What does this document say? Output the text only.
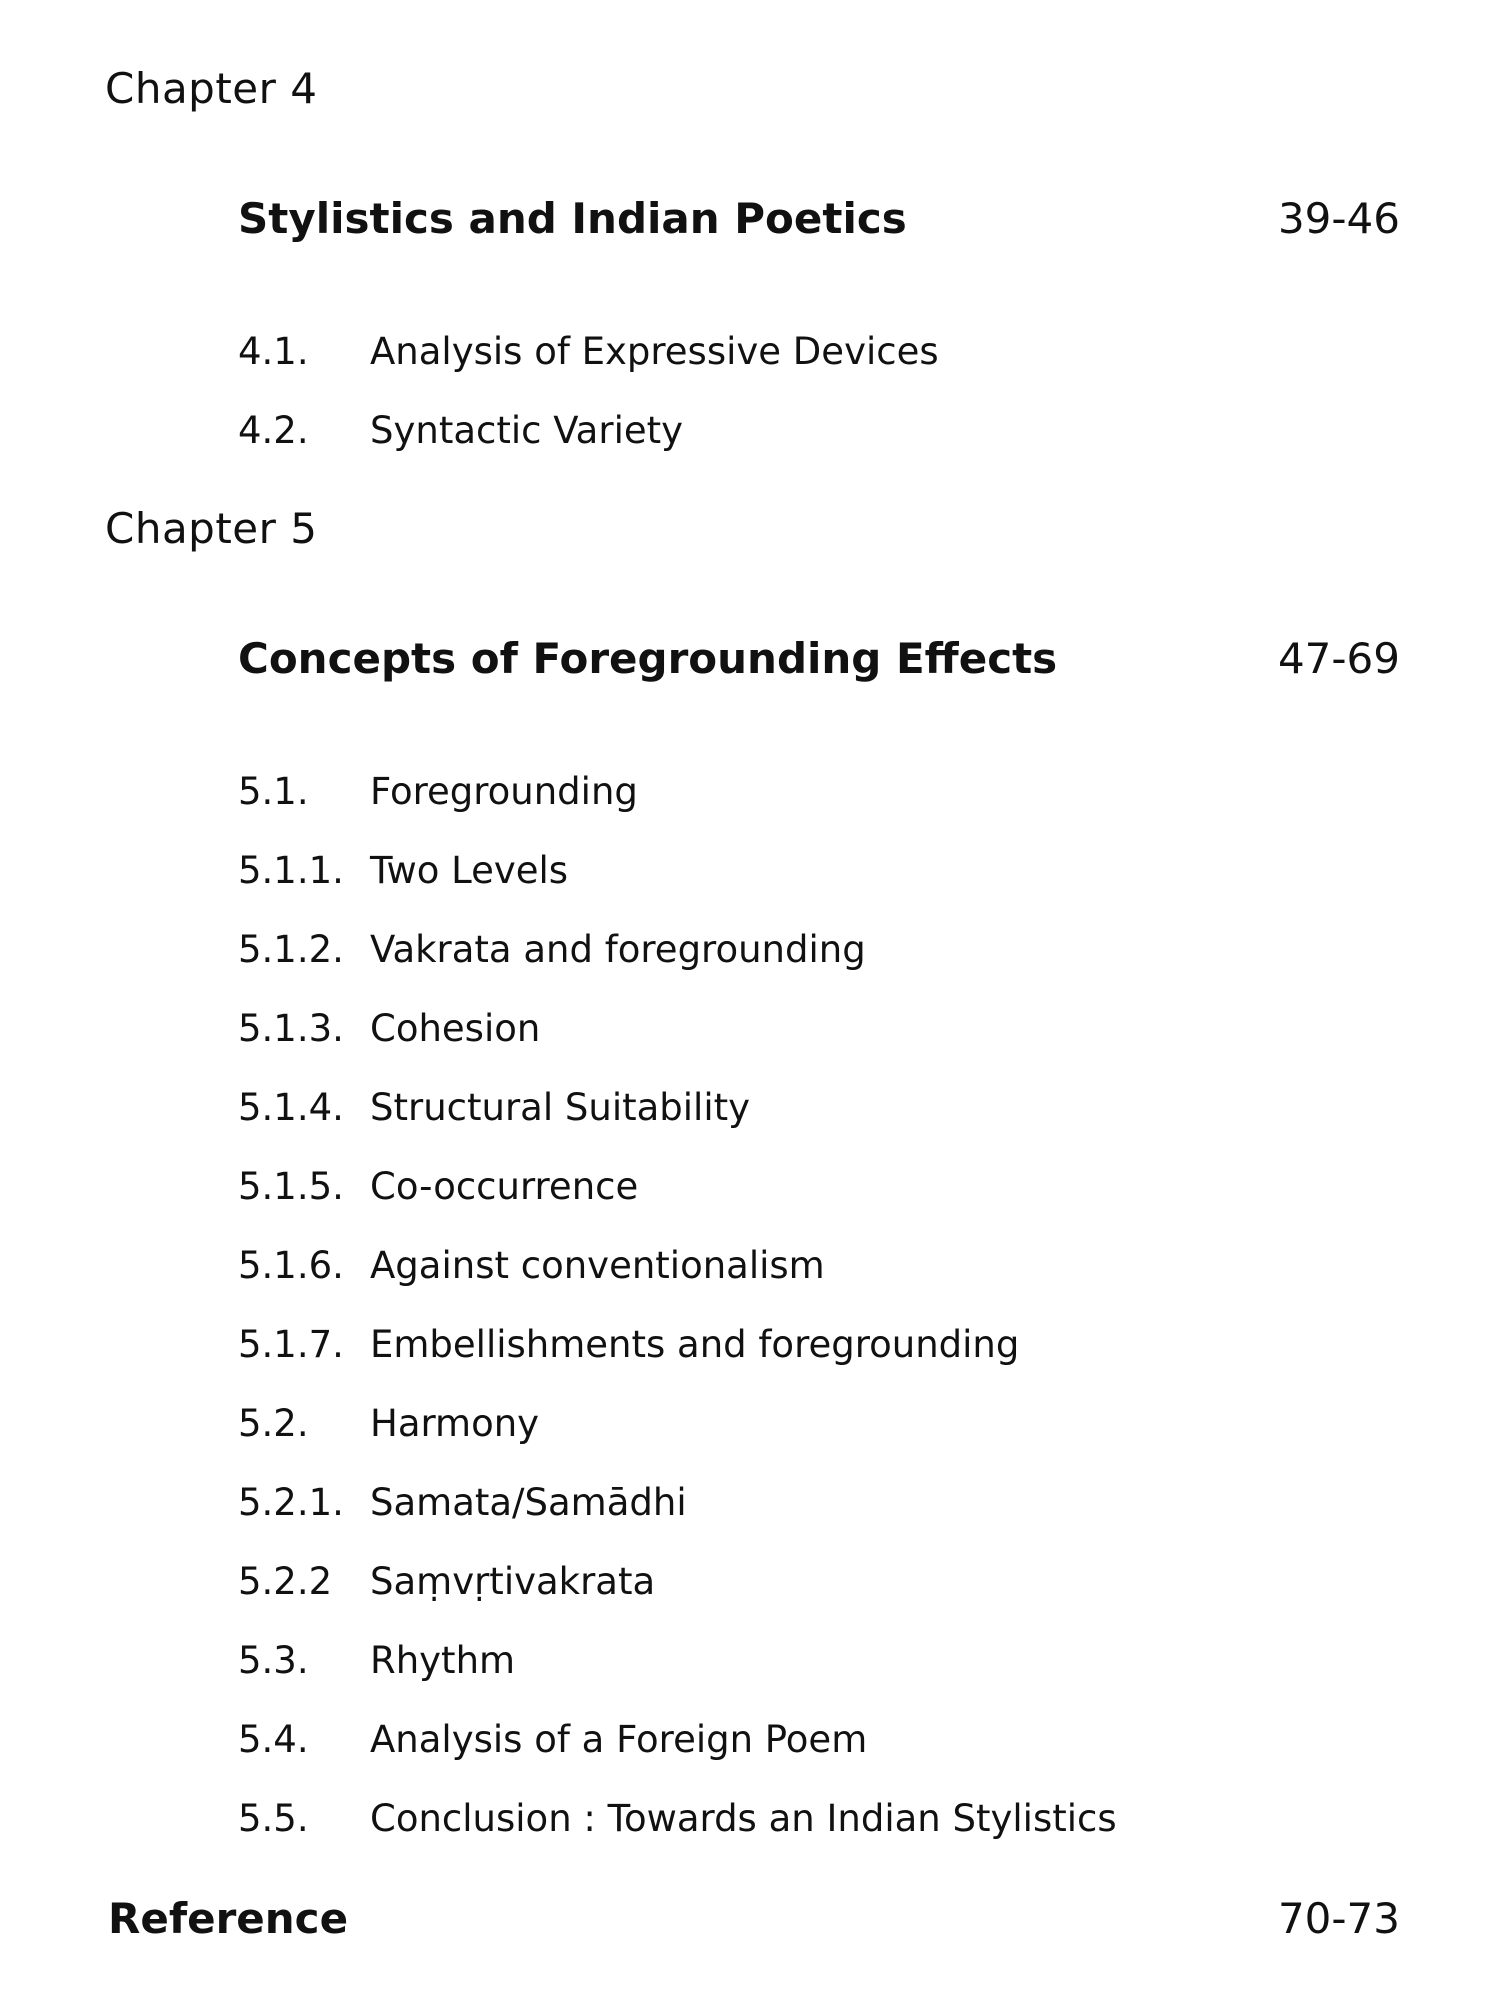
Chapter 4
Stylistics and Indian Poetics	39-46
4.1. Analysis of Expressive Devices
4.2. Syntactic Variety
Chapter 5
Concepts of Foregrounding Effects	47-69
5.1. Foregrounding
5.1.1. Two Levels
5.1.2. Vakrata and foregrounding
5.1.3. Cohesion
5.1.4. Structural Suitability
5.1.5. Co-occurrence
5.1.6. Against conventionalism
5.1.7. Embellishments and foregrounding
5.2. Harmony
5.2.1. Samata/Samādhi
5.2.2 Saṃvṛtivakrata
5.3. Rhythm
5.4. Analysis of a Foreign Poem
5.5. Conclusion : Towards an Indian Stylistics
Reference	70-73
